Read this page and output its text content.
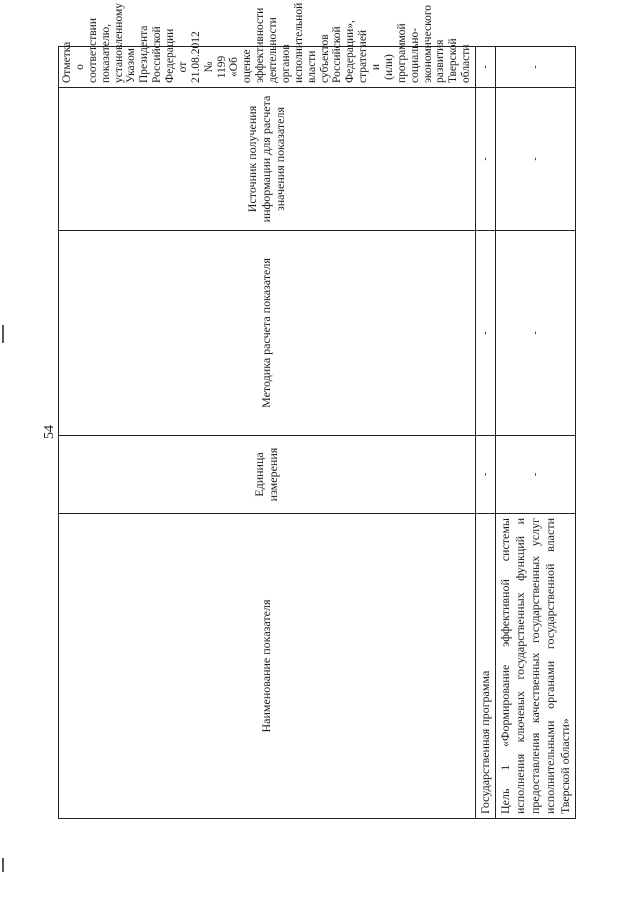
54
Наименование показателя	Единица измерения	Методика расчета показателя	Источник получения информации для расчета значения показателя	Отметка о соответствии показателю, установленному Указом Президента Российской Федерации от 21.08.2012 № 1199 «Об оценке эффективности деятельности органов исполнительной власти субъектов Российской Федерации», стратегией и (или) программой социально-экономического развития Тверской области
Государственная программа	-	-	-	-
Цель 1 «Формирование эффективной системы исполнения ключевых государственных функций и предоставления качественных государственных услуг исполнительными органами государственной власти Тверской области»	-	-	-	-
